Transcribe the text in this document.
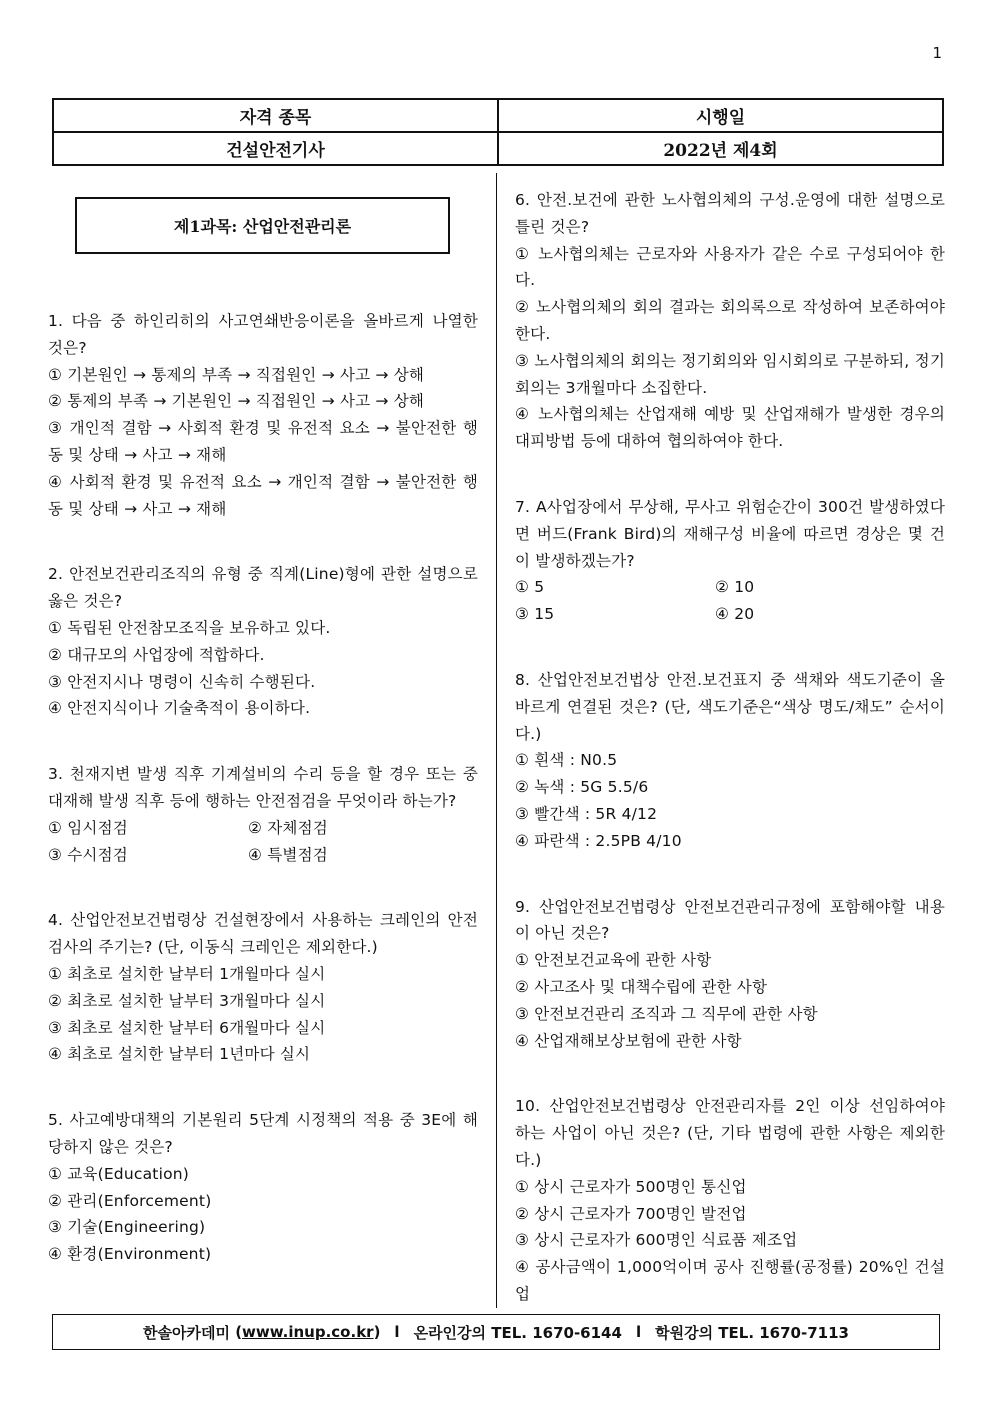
1
자격 종목	시행일
건설안전기사	2022년 제4회
제1과목: 산업안전관리론
1. 다음 중 하인리히의 사고연쇄반응이론을 올바르게 나열한 것은?
① 기본원인 → 통제의 부족 → 직접원인 → 사고 → 상해
② 통제의 부족 → 기본원인 → 직접원인 → 사고 → 상해
③ 개인적 결함 → 사회적 환경 및 유전적 요소 → 불안전한 행동 및 상태 → 사고 → 재해
④ 사회적 환경 및 유전적 요소 → 개인적 결함 → 불안전한 행동 및 상태 → 사고 → 재해
2. 안전보건관리조직의 유형 중 직계(Line)형에 관한 설명으로 옳은 것은?
① 독립된 안전참모조직을 보유하고 있다.
② 대규모의 사업장에 적합하다.
③ 안전지시나 명령이 신속히 수행된다.
④ 안전지식이나 기술축적이 용이하다.
3. 천재지변 발생 직후 기계설비의 수리 등을 할 경우 또는 중대재해 발생 직후 등에 행하는 안전점검을 무엇이라 하는가?
① 임시점검	② 자체점검
③ 수시점검	④ 특별점검
4. 산업안전보건법령상 건설현장에서 사용하는 크레인의 안전검사의 주기는? (단, 이동식 크레인은 제외한다.)
① 최초로 설치한 날부터 1개월마다 실시
② 최초로 설치한 날부터 3개월마다 실시
③ 최초로 설치한 날부터 6개월마다 실시
④ 최초로 설치한 날부터 1년마다 실시
5. 사고예방대책의 기본원리 5단계 시정책의 적용 중 3E에 해당하지 않은 것은?
① 교육(Education)
② 관리(Enforcement)
③ 기술(Engineering)
④ 환경(Environment)
6. 안전.보건에 관한 노사협의체의 구성.운영에 대한 설명으로 틀린 것은?
① 노사협의체는 근로자와 사용자가 같은 수로 구성되어야 한다.
② 노사협의체의 회의 결과는 회의록으로 작성하여 보존하여야 한다.
③ 노사협의체의 회의는 정기회의와 임시회의로 구분하되, 정기회의는 3개월마다 소집한다.
④ 노사협의체는 산업재해 예방 및 산업재해가 발생한 경우의 대피방법 등에 대하여 협의하여야 한다.
7. A사업장에서 무상해, 무사고 위험순간이 300건 발생하였다면 버드(Frank Bird)의 재해구성 비율에 따르면 경상은 몇 건이 발생하겠는가?
① 5	② 10
③ 15	④ 20
8. 산업안전보건법상 안전.보건표지 중 색채와 색도기준이 올바르게 연결된 것은? (단, 색도기준은“색상 명도/채도” 순서이다.)
① 흰색 : N0.5
② 녹색 : 5G 5.5/6
③ 빨간색 : 5R 4/12
④ 파란색 : 2.5PB 4/10
9. 산업안전보건법령상 안전보건관리규정에 포함해야할 내용이 아닌 것은?
① 안전보건교육에 관한 사항
② 사고조사 및 대책수립에 관한 사항
③ 안전보건관리 조직과 그 직무에 관한 사항
④ 산업재해보상보험에 관한 사항
10. 산업안전보건법령상 안전관리자를 2인 이상 선임하여야 하는 사업이 아닌 것은? (단, 기타 법령에 관한 사항은 제외한다.)
① 상시 근로자가 500명인 통신업
② 상시 근로자가 700명인 발전업
③ 상시 근로자가 600명인 식료품 제조업
④ 공사금액이 1,000억이며 공사 진행률(공정률) 20%인 건설업
한솔아카데미 ( www.inup.co.kr ) l 온라인강의 TEL. 1670-6144 l 학원강의 TEL. 1670-7113
